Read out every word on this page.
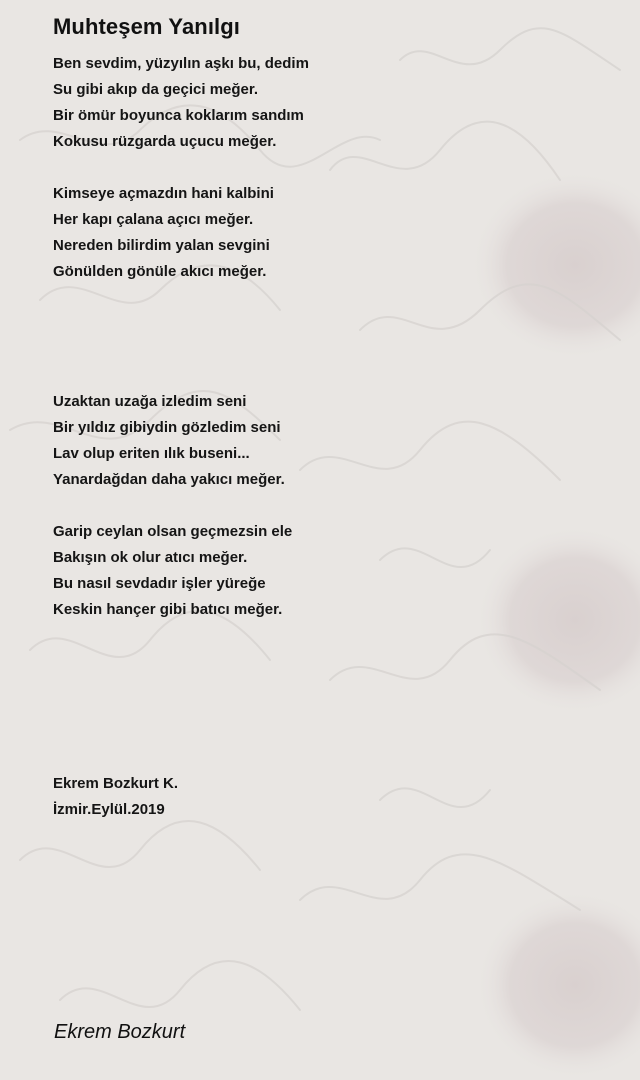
Muhteşem Yanılgı
Ben sevdim, yüzyılın aşkı bu, dedim
Su gibi akıp da geçici meğer.
Bir ömür boyunca koklarım sandım
Kokusu rüzgarda uçucu meğer.
Kimseye açmazdın hani kalbini
Her kapı çalana açıcı meğer.
Nereden bilirdim yalan sevgini
Gönülden gönüle akıcı meğer.
Uzaktan uzağa izledim seni
Bir yıldız gibiydin gözledim seni
Lav olup eriten ılık buseni...
Yanardağdan daha yakıcı meğer.
Garip ceylan olsan geçmezsin ele
Bakışın ok olur atıcı meğer.
Bu nasıl sevdadır işler yüreğe
Keskin hançer gibi batıcı meğer.
Ekrem Bozkurt K.
İzmir.Eylül.2019
Ekrem Bozkurt
